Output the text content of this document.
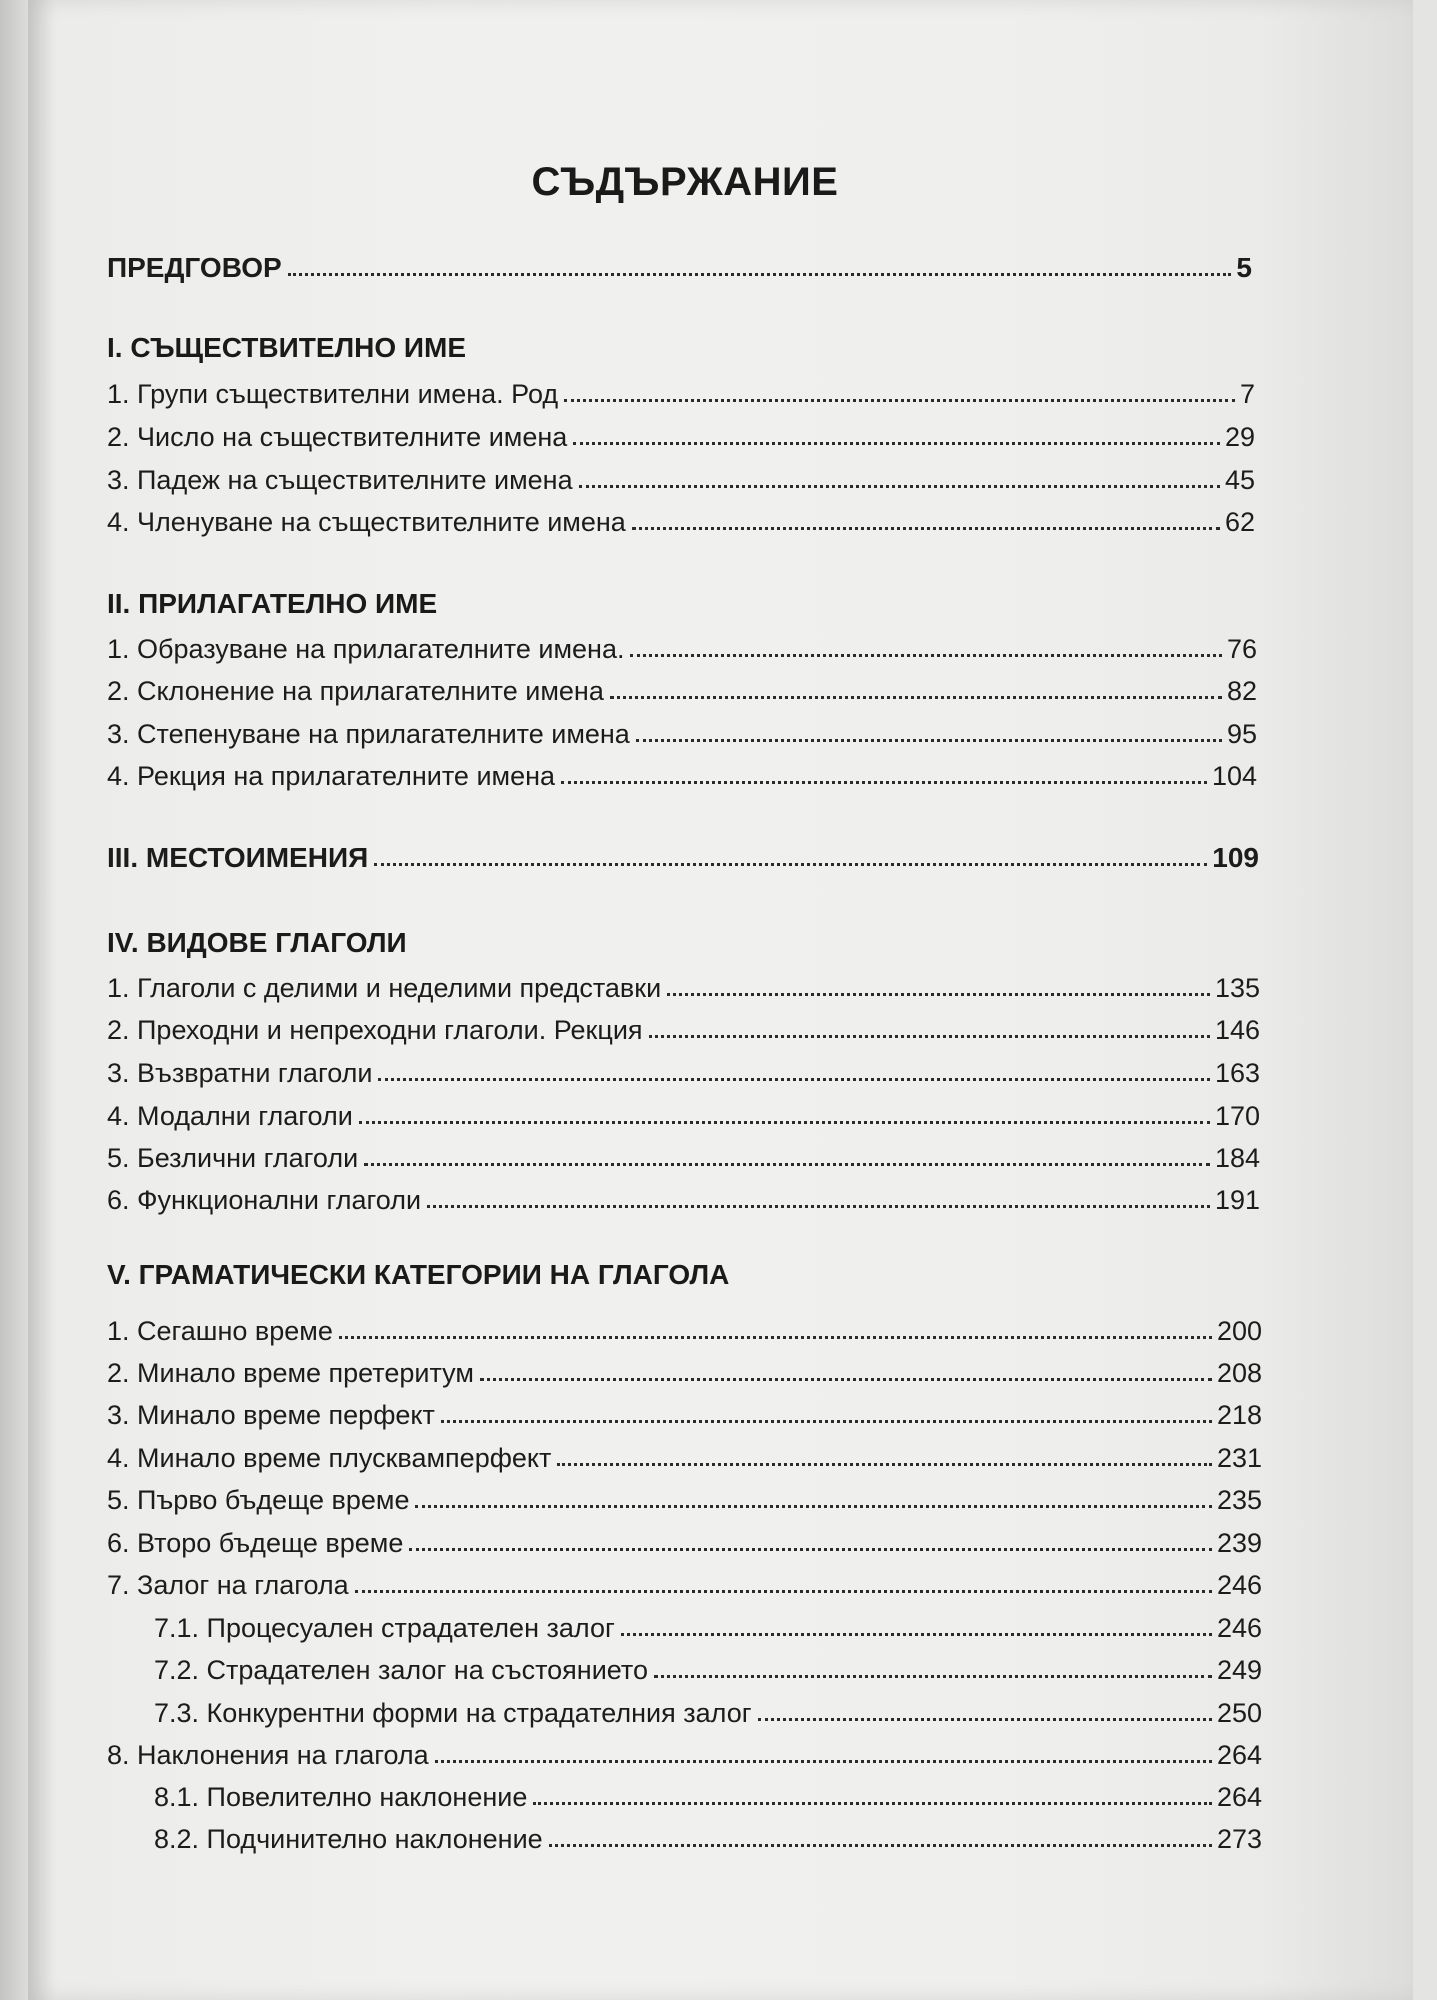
СЪДЪРЖАНИЕ
ПРЕДГОВОР	5
I. СЪЩЕСТВИТЕЛНО ИМЕ
1. Групи съществителни имена. Род	7
2. Число на съществителните имена	29
3. Падеж на съществителните имена	45
4. Членуване на съществителните имена	62
II. ПРИЛАГАТЕЛНО ИМЕ
1. Образуване на прилагателните имена.	76
2. Склонение на прилагателните имена	82
3. Степенуване на прилагателните имена	95
4. Рекция на прилагателните имена	104
III. МЕСТОИМЕНИЯ	109
IV. ВИДОВЕ ГЛАГОЛИ
1. Глаголи с делими и неделими представки	135
2. Преходни и непреходни глаголи. Рекция	146
3. Възвратни глаголи	163
4. Модални глаголи	170
5. Безлични глаголи	184
6. Функционални глаголи	191
V. ГРАМАТИЧЕСКИ КАТЕГОРИИ НА ГЛАГОЛА
1. Сегашно време	200
2. Минало време претеритум	208
3. Минало време перфект	218
4. Минало време плусквамперфект	231
5. Първо бъдеще време	235
6. Второ бъдеще време	239
7. Залог на глагола	246
7.1. Процесуален страдателен залог	246
7.2. Страдателен залог на състоянието	249
7.3. Конкурентни форми на страдателния залог	250
8. Наклонения на глагола	264
8.1. Повелително наклонение	264
8.2. Подчинително наклонение	273
